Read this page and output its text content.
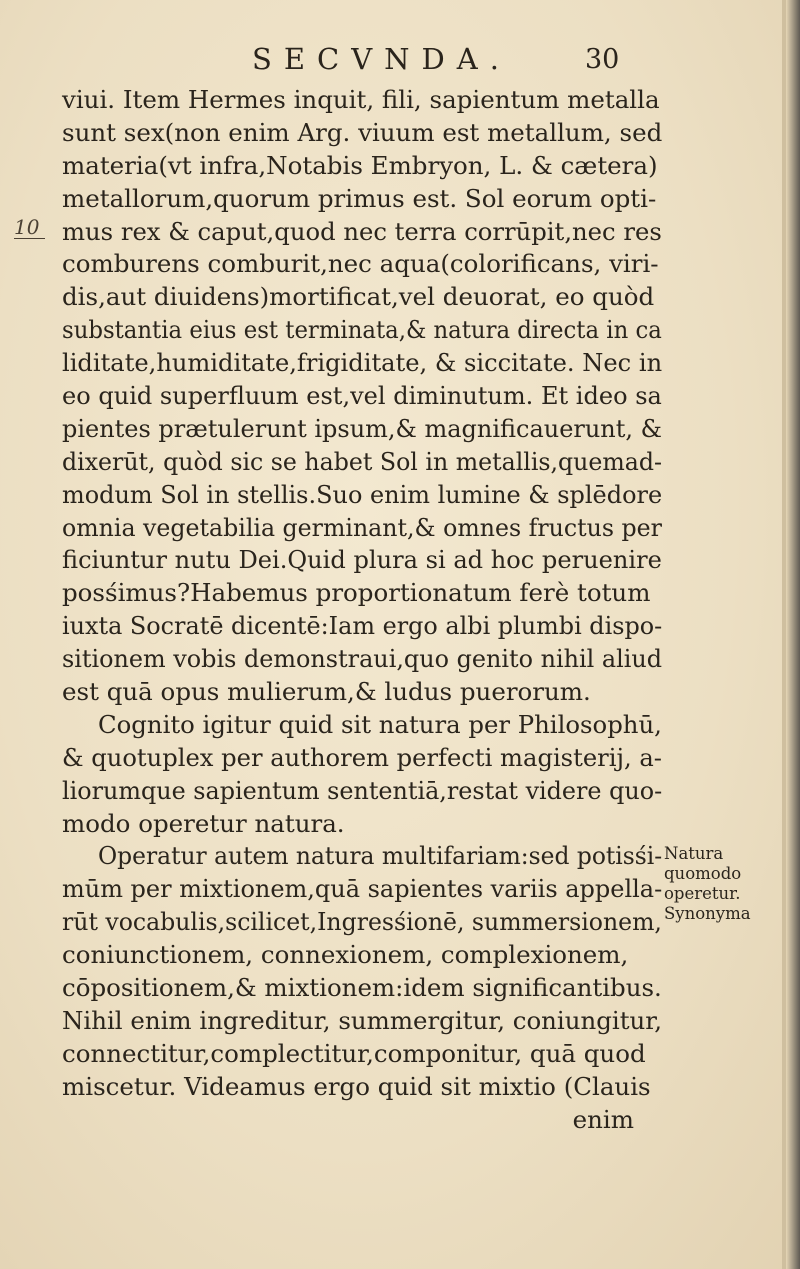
SECVNDA.	30
10
viui. Item Hermes inquit, fili, sapientum metalla
sunt sex(non enim Arg. viuum est metallum, sed
materia(vt infra,Notabis Embryon, L. & cætera)
metallorum,quorum primus est. Sol eorum opti-
mus rex & caput,quod nec terra corrūpit,nec res
comburens comburit,nec aqua(colorificans, viri-
dis,aut diuidens)mortificat,vel deuorat, eo quòd
substantia eius est terminata,& natura directa in ca
liditate,humiditate,frigiditate, & siccitate. Nec in
eo quid superfluum est,vel diminutum. Et ideo sa
pientes prætulerunt ipsum,& magnificauerunt, &
dixerūt, quòd sic se habet Sol in metallis,quemad-
modum Sol in stellis.Suo enim lumine & splēdore
omnia vegetabilia germinant,& omnes fructus per
ficiuntur nutu Dei.Quid plura si ad hoc peruenire
posśimus?Habemus proportionatum ferè totum
iuxta Socratē dicentē:Iam ergo albi plumbi dispo-
sitionem vobis demonstraui,quo genito nihil aliud
est quā opus mulierum,& ludus puerorum.
Cognito igitur quid sit natura per Philosophū,
& quotuplex per authorem perfecti magisterij, a-
liorumque sapientum sententiā,restat videre quo-
modo operetur natura.
Operatur autem natura multifariam:sed potisśi-
mūm per mixtionem,quā sapientes variis appella-
rūt vocabulis,scilicet,Ingresśionē, summersionem,
coniunctionem, connexionem, complexionem,
cōpositionem,& mixtionem:idem significantibus.
Nihil enim ingreditur, summergitur, coniungitur,
connectitur,complectitur,componitur, quā quod
miscetur. Videamus ergo quid sit mixtio (Clauis
enim
Natura
quomodo
operetur.
Synonyma
